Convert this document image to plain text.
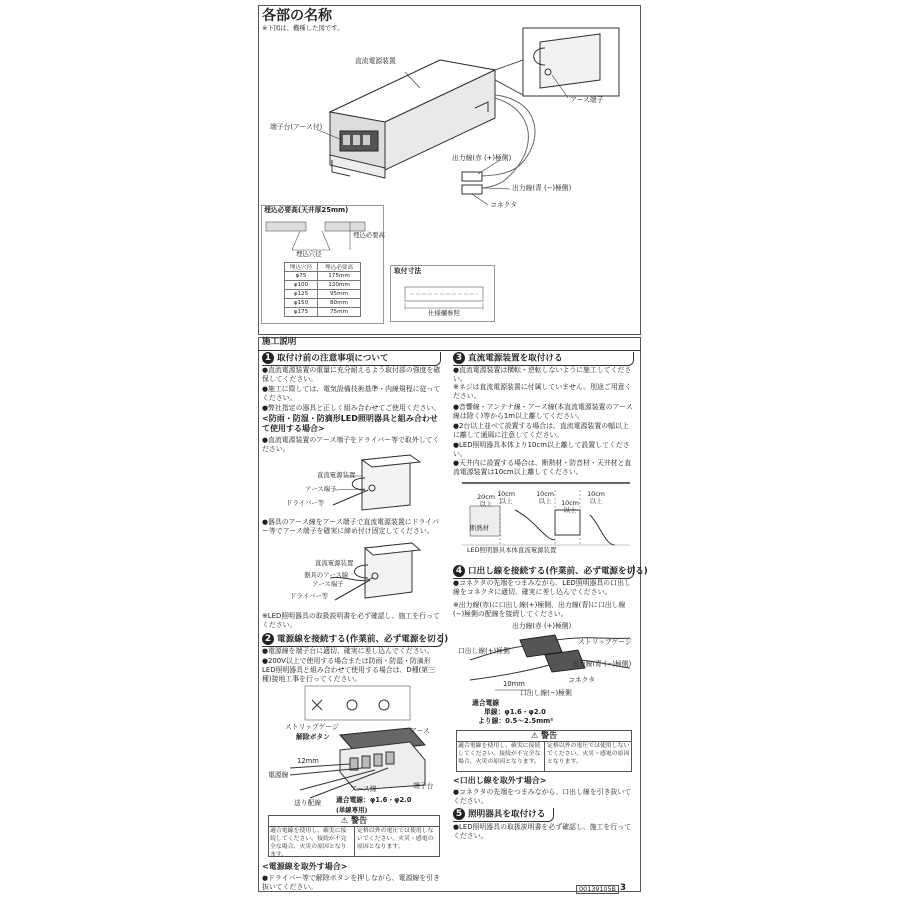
各部の名称
※下図は、機種した図です。
直流電源装置
端子台(アース付)
アース端子
出力線(赤 (+)極側)
出力線(青 (−)極側)
コネクタ
埋込必要高(天井厚25mm)
埋込必要高
埋込穴径
埋込穴径	埋込必要高
φ75	175mm
φ100	120mm
φ125	95mm
φ150	80mm
φ175	75mm
取付寸法
仕様欄参照
施工説明
1 取付け前の注意事項について
●直流電源装置の重量に充分耐えるよう取付部の強度を確保してください。
●施工に際しては、電気設備技術基準・内線規程に従ってください。
●弊社指定の器具と正しく組み合わせてご使用ください。
<防雨・防湿・防滴形LED照明器具と組み合わせて使用する場合>
●直流電源装置のアース端子をドライバー等で取外してください。
直流電源装置
アース端子
ドライバー等
●器具のアース線をアース端子で直流電源装置にドライバー等でアース端子を確実に締め付け固定してください。
直流電源装置
器具のアース線
アース端子
ドライバー等
※LED照明器具の取扱説明書を必ず確認し、施工を行ってください。
2 電源線を接続する(作業前、必ず電源を切る)
●電源線を端子台に適切、確実に差し込んでください。
●200V以上で使用する場合または防雨・防湿・防滴形LED照明器具と組み合わせて使用する場合は、D種(第三種)接地工事を行ってください。
ストリップゲージ
解除ボタン
アース
12mm
電源線
アース線	端子台
送り配線 適合電線：φ1.6・φ2.0
(単線専用)
⚠ 警告
適合電線を使用し、確実に接続してください。接続が不完全な場合、火災の原因となります。
定格以外の電圧では使用しないでください。火災・感電の原因となります。
<電源線を取外す場合>
●ドライバー等で解除ボタンを押しながら、電源線を引き抜いてください。
3 直流電源装置を取付ける
●直流電源装置は横転・逆転しないように施工してください。
※ネジは直流電源装置に付属していません。別途ご用意ください。
●音響線・アンテナ線・アース線(本直流電源装置のアース線は除く)等から1m以上離してください。
●2台以上並べて設置する場合は、直流電源装置の幅以上に離して通風に注意してください。
●LED照明器具本体より10cm以上離して設置してください。
●天井内に設置する場合は、断熱材・防音材・天井材と直流電源装置は10cm以上離してください。
20cm以上
10cm以上
10cm以上	10cm以上
10cm以上
断熱材
LED照明器具本体 直流電源装置
4 口出し線を接続する(作業前、必ず電源を切る)
●コネクタの先端をつまみながら、LED照明器具の口出し線をコネクタに適切、確実に差し込んでください。
※出力線(赤)に口出し線(+)極側、出力線(青)に口出し線(−)極側の配線を接続してください。
出力線(赤 (+)極側)
ストリップゲージ
口出し線(+)極側
出力線(青 (−)極側)
コネクタ
10mm
口出し線(−)極側
適合電線
単線：φ1.6・φ2.0
より線：0.5〜2.5mm²
⚠ 警告
適合電線を使用し、確実に接続してください。接続が不完全な場合、火災の原因となります。
定格以外の電圧では使用しないでください。火災・感電の原因となります。
<口出し線を取外す場合>
●コネクタの先端をつまみながら、口出し線を引き抜いてください。
5 照明器具を取付ける
●LED照明器具の取扱説明書を必ず確認し、施工を行ってください。
00139105B 3
